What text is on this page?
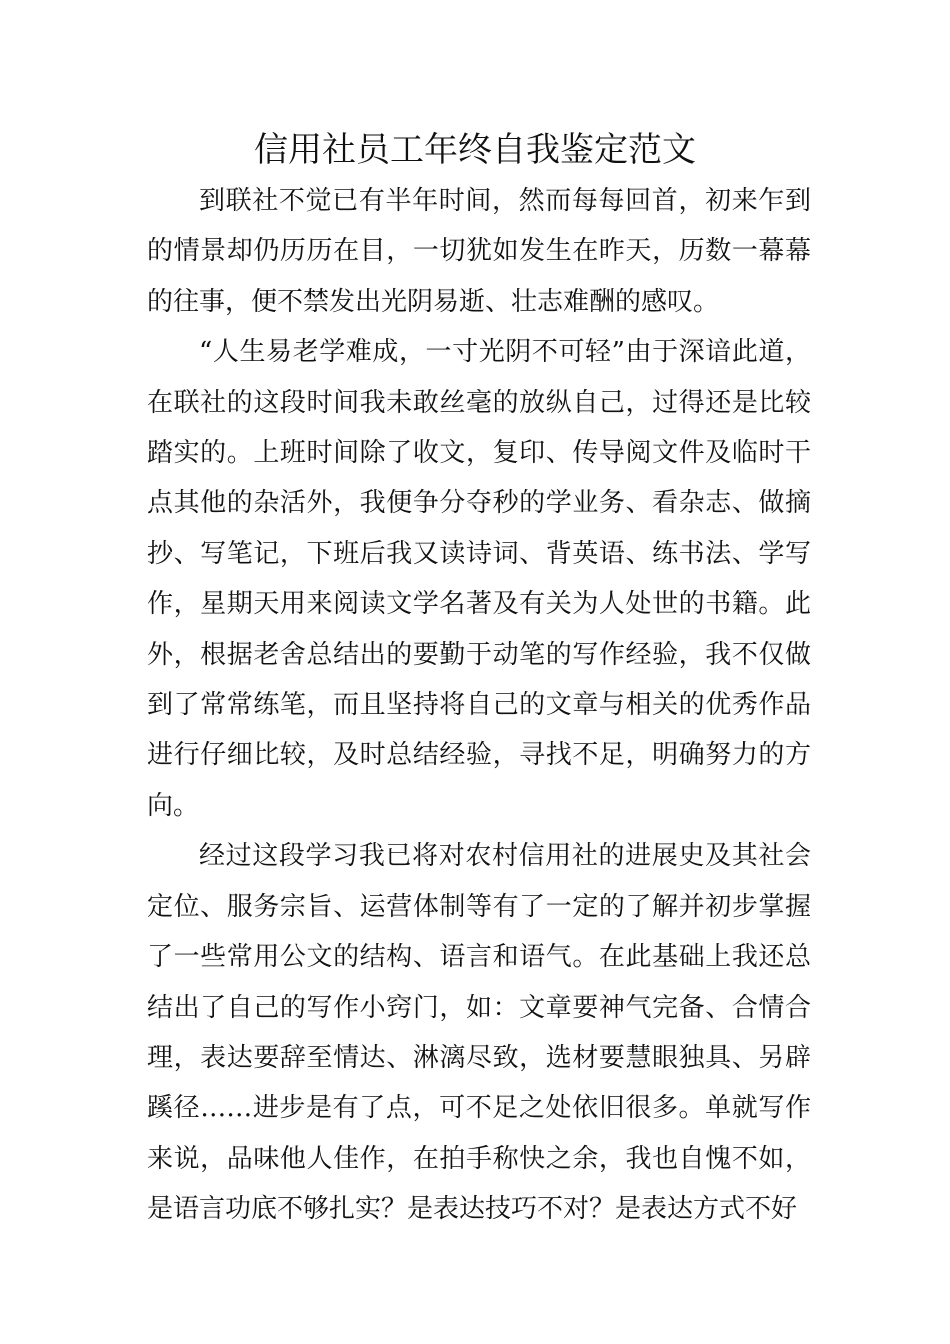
信用社员工年终自我鉴定范文

到联社不觉已有半年时间，然而每每回首，初来乍到的情景却仍历历在目，一切犹如发生在昨天，历数一幕幕的往事，便不禁发出光阴易逝、壮志难酬的感叹。

“人生易老学难成，一寸光阴不可轻”由于深谙此道，在联社的这段时间我未敢丝毫的放纵自己，过得还是比较踏实的。上班时间除了收文，复印、传导阅文件及临时干点其他的杂活外，我便争分夺秒的学业务、看杂志、做摘抄、写笔记，下班后我又读诗词、背英语、练书法、学写作，星期天用来阅读文学名著及有关为人处世的书籍。此外，根据老舍总结出的要勤于动笔的写作经验，我不仅做到了常常练笔，而且坚持将自己的文章与相关的优秀作品进行仔细比较，及时总结经验，寻找不足，明确努力的方向。

经过这段学习我已将对农村信用社的进展史及其社会定位、服务宗旨、运营体制等有了一定的了解并初步掌握了一些常用公文的结构、语言和语气。在此基础上我还总结出了自己的写作小窍门，如：文章要神气完备、合情合理，表达要辞至情达、淋漓尽致，选材要慧眼独具、另辟蹊径……进步是有了点，可不足之处依旧很多。单就写作来说，品味他人佳作，在拍手称快之余，我也自愧不如，是语言功底不够扎实？是表达技巧不对？是表达方式不好
